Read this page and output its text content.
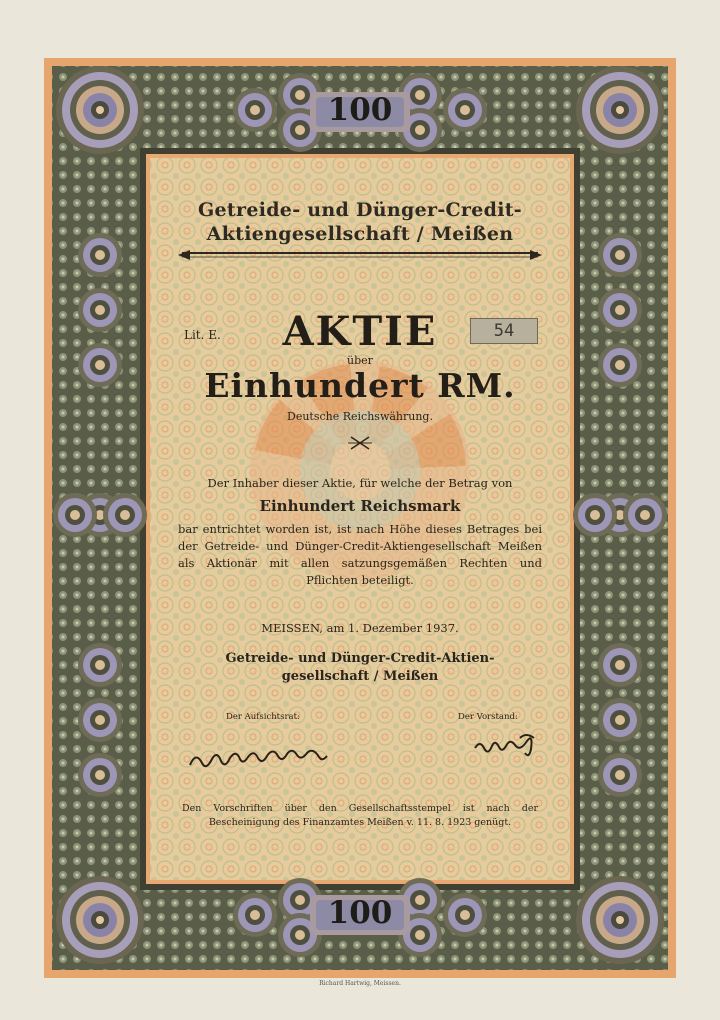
100
100
Getreide- und Dünger-Credit-
Aktiengesellschaft / Meißen
Lit. E.	54
AKTIE
über
Einhundert RM.
Deutsche Reichswährung.
Der Inhaber dieser Aktie, für welche der Betrag von
Einhundert Reichsmark
bar entrichtet worden ist, ist nach Höhe dieses Betrages bei der Getreide- und Dünger-Credit-Aktiengesellschaft Meißen als Aktionär mit allen satzungsgemäßen Rechten und Pflichten beteiligt.
MEISSEN, am 1. Dezember 1937.
Getreide- und Dünger-Credit-Aktien-
gesellschaft / Meißen
Der Aufsichtsrat:	Der Vorstand:
Den Vorschriften über den Gesellschaftsstempel ist nach der Bescheinigung des Finanzamtes Meißen v. 11. 8. 1923 genügt.
Richard Hartwig, Meissen.
